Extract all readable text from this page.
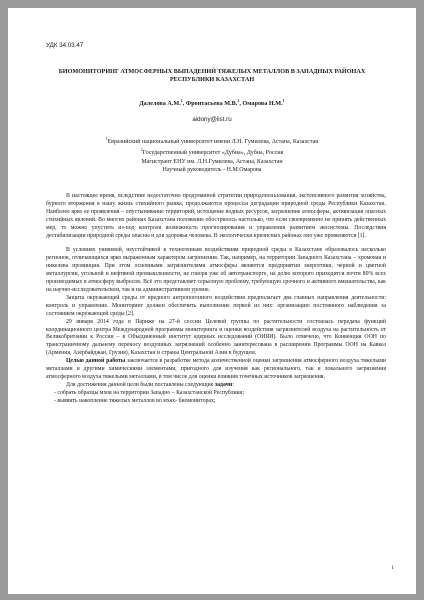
УДК 34.03.47
БИОМОНИТОРИНГ АТМОСФЕРНЫХ ВЫПАДЕНИЙ ТЯЖЕЛЫХ МЕТАЛЛОВ В ЗАПАДНЫХ РАЙОНАХ РЕСПУБЛИКИ КАЗАХСТАН
Далелова А.М.$^1$, Фронтасьева М.В.$^2$, Омарова Н.М.$^1$
aidony@list.ru
$^1$Евразийский национальный университет имени Л.Н. Гумилева, Астана, Казахстан
$^2$Государственный университет «Дубна», Дубна, Россия
Магистрант ЕНУ им. Л.Н.Гумилева, Астана, Казахстан
Научный руководитель - Н.М.Омарова

В настоящее время, вследствие недостаточно продуманной стратегии природопользования, экстенсивного развития хозяйства, бурного вторжения в нашу жизнь стихийного рынка, продолжаются процессы деградации природной среды Республики Казахстан. Наиболее ярко ее проявления – опустынивание территорий, истощение водных ресурсов, загрязнение атмосферы, активизация опасных стихийных явлений. Во многих районах Казахстана положение обострилось настолько, что если своевременно не принять действенных мер, то можно упустить из-под контроля возможность прогнозирования и управления развитием экосистемы. Последствия дестабилизации природной среды опасны и для здоровья человека. В экологически кризисных районах оно уже проявляются [1].

В условиях уязвимой, неустойчивой к техногенным воздействиям природной среды в Казахстане образовалось несколько регионов, отличающихся ярко выраженным характером загрязнения. Так, например, на территории Западного Казахстана – хромовая и никелева провинция. При этом основными загрязнителями атмосферы являются предприятия энергетики, черной и цветной металлургии, угольной и нефтяной промышленности, не говоря уже об автотранспорте, на долю которого приходится почти 80% всех производимых в атмосферу выбросов. Всё это представляет серьезную проблему, требующую срочного и активного вмешательства, как на научно-исследовательском, так и на административном уровне.

Защита окружающей среды от вредного антропогенного воздействия предполагает два главных направления деятельности: контроль и управление. Мониторинг должен обеспечить выполнение первой из них: организацию постоянного наблюдения за состоянием окружающей среды [2].

29 января 2014 года в Париже на 27-й сессии Целевой группы по растительности состоялась передача функций координационного центра Международной программы мониторинга и оценки воздействия загрязнителей воздуха на растительность от Великобритании к России – в Объединенный институт ядерных исследований (ОИЯИ). Было отмечено, что Конвенция ООН по трансграничному дальнему переносу воздушных загрязнений особенно заинтересована в расширении Программы ООН на Кавказ (Армения, Азербайджан, Грузия), Казахстан и страны Центральной Азии в будущем.

Целью данной работы заключается в разработке метода количественной оценки загрязнения атмосферного воздуха тяжелыми металлами и другими химическими элементами, пригодного для изучения как регионального, так и локального загрязнения атмосферного воздуха тяжелыми металлами, в том числе для оценки влияния точечных источников загрязнения.

Для достижения данной цели были поставлены следующие задачи:

- собрать образцы мхов на территории Западно – Казахстанской Республики;

- выявить накопление тяжелых металлов во мхах- биомониторах;

1
